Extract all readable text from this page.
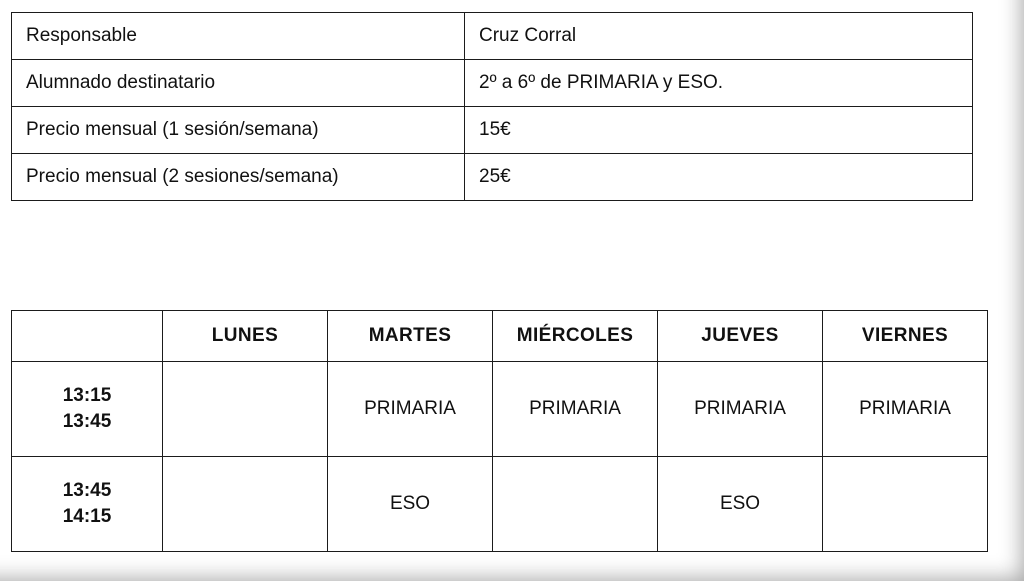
Responsable	Cruz Corral
Alumnado destinatario	2º a 6º de PRIMARIA y ESO.
Precio mensual (1 sesión/semana)	15€
Precio mensual (2 sesiones/semana)	25€
	LUNES	MARTES	MIÉRCOLES	JUEVES	VIERNES

13:15
13:45		PRIMARIA	PRIMARIA	PRIMARIA	PRIMARIA

13:45
14:15		ESO		ESO	
